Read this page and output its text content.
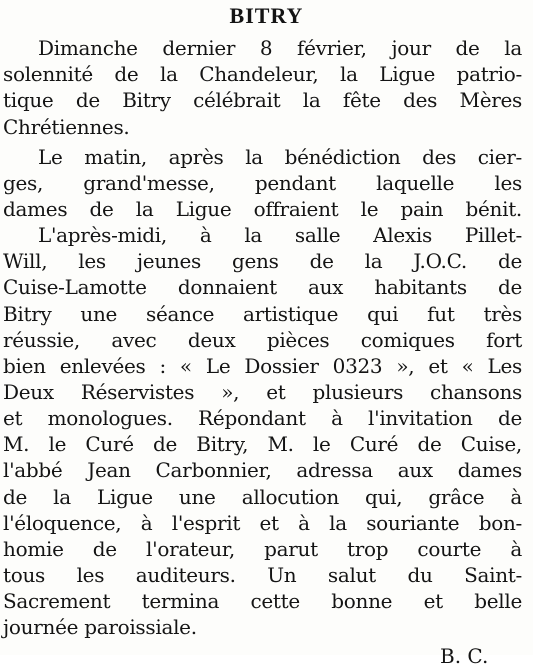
BITRY
Dimanche dernier 8 février, jour de la
solennité de la Chandeleur, la Ligue patrio-
tique de Bitry célébrait la fête des Mères
Chrétiennes.
Le matin, après la bénédiction des cier-
ges, grand'messe, pendant laquelle les
dames de la Ligue offraient le pain bénit.
L'après-midi, à la salle Alexis Pillet-
Will, les jeunes gens de la J.O.C. de
Cuise-Lamotte donnaient aux habitants de
Bitry une séance artistique qui fut très
réussie, avec deux pièces comiques fort
bien enlevées : « Le Dossier 0323 », et « Les
Deux Réservistes », et plusieurs chansons
et monologues. Répondant à l'invitation de
M. le Curé de Bitry, M. le Curé de Cuise,
l'abbé Jean Carbonnier, adressa aux dames
de la Ligue une allocution qui, grâce à
l'éloquence, à l'esprit et à la souriante bon-
homie de l'orateur, parut trop courte à
tous les auditeurs. Un salut du Saint-
Sacrement termina cette bonne et belle
journée paroissiale.
B. C.
